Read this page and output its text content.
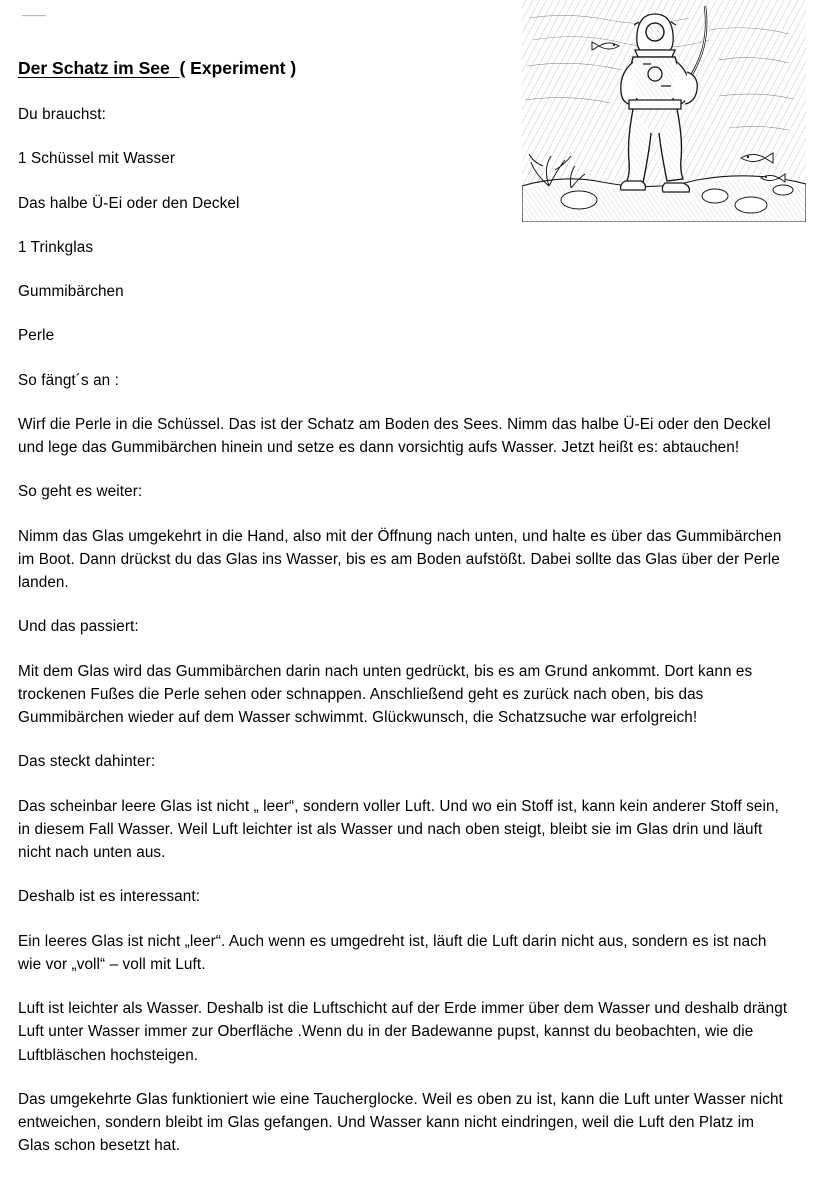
Der Schatz im See ( Experiment )

Du brauchst:

1 Schüssel mit Wasser

Das halbe Ü-Ei oder den Deckel

1 Trinkglas

Gummibärchen

Perle

So fängt´s an :

Wirf die Perle in die Schüssel. Das ist der Schatz am Boden des Sees. Nimm das halbe Ü-Ei oder den Deckel und lege das Gummibärchen hinein und setze es dann vorsichtig aufs Wasser. Jetzt heißt es: abtauchen!

So geht es weiter:

Nimm das Glas umgekehrt in die Hand, also mit der Öffnung nach unten, und halte es über das Gummibärchen im Boot. Dann drückst du das Glas ins Wasser, bis es am Boden aufstößt. Dabei sollte das Glas über der Perle landen.

Und das passiert:

Mit dem Glas wird das Gummibärchen darin nach unten gedrückt, bis es am Grund ankommt. Dort kann es trockenen Fußes die Perle sehen oder schnappen. Anschließend geht es zurück nach oben, bis das Gummibärchen wieder auf dem Wasser schwimmt. Glückwunsch, die Schatzsuche war erfolgreich!

Das steckt dahinter:

Das scheinbar leere Glas ist nicht „ leer“, sondern voller Luft. Und wo ein Stoff ist, kann kein anderer Stoff sein, in diesem Fall Wasser. Weil Luft leichter ist als Wasser und nach oben steigt, bleibt sie im Glas drin und läuft nicht nach unten aus.

Deshalb ist es interessant:

Ein leeres Glas ist nicht „leer“. Auch wenn es umgedreht ist, läuft die Luft darin nicht aus, sondern es ist nach wie vor „voll“ – voll mit Luft.

Luft ist leichter als Wasser. Deshalb ist die Luftschicht auf der Erde immer über dem Wasser und deshalb drängt Luft unter Wasser immer zur Oberfläche .Wenn du in der Badewanne pupst, kannst du beobachten, wie die Luftbläschen hochsteigen.

Das umgekehrte Glas funktioniert wie eine Taucherglocke. Weil es oben zu ist, kann die Luft unter Wasser nicht entweichen, sondern bleibt im Glas gefangen. Und Wasser kann nicht eindringen, weil die Luft den Platz im Glas schon besetzt hat.
